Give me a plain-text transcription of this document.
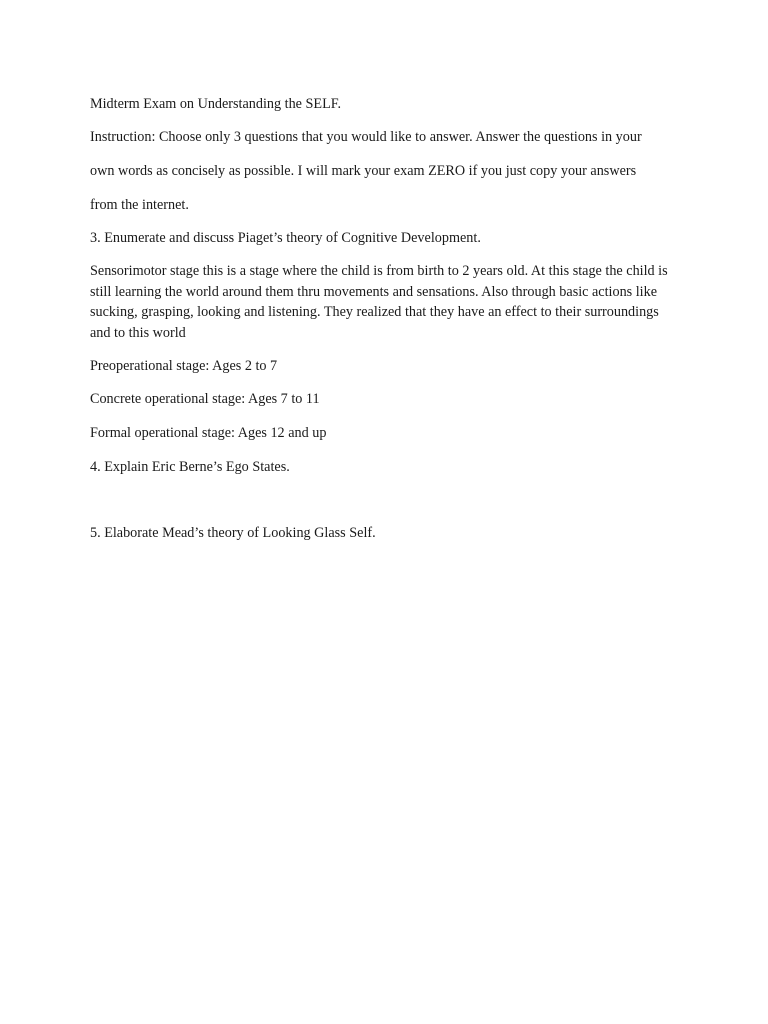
Midterm Exam on Understanding the SELF.

Instruction: Choose only 3 questions that you would like to answer. Answer the questions in your

own words as concisely as possible. I will mark your exam ZERO if you just copy your answers

from the internet.

3. Enumerate and discuss Piaget’s theory of Cognitive Development.

Sensorimotor stage this is a stage where the child is from birth to 2 years old. At this stage the child is still learning the world around them thru movements and sensations. Also through basic actions like sucking, grasping, looking and listening. They realized that they have an effect to their surroundings and to this world

Preoperational stage: Ages 2 to 7

Concrete operational stage: Ages 7 to 11

Formal operational stage: Ages 12 and up

4. Explain Eric Berne’s Ego States.

5. Elaborate Mead’s theory of Looking Glass Self.
